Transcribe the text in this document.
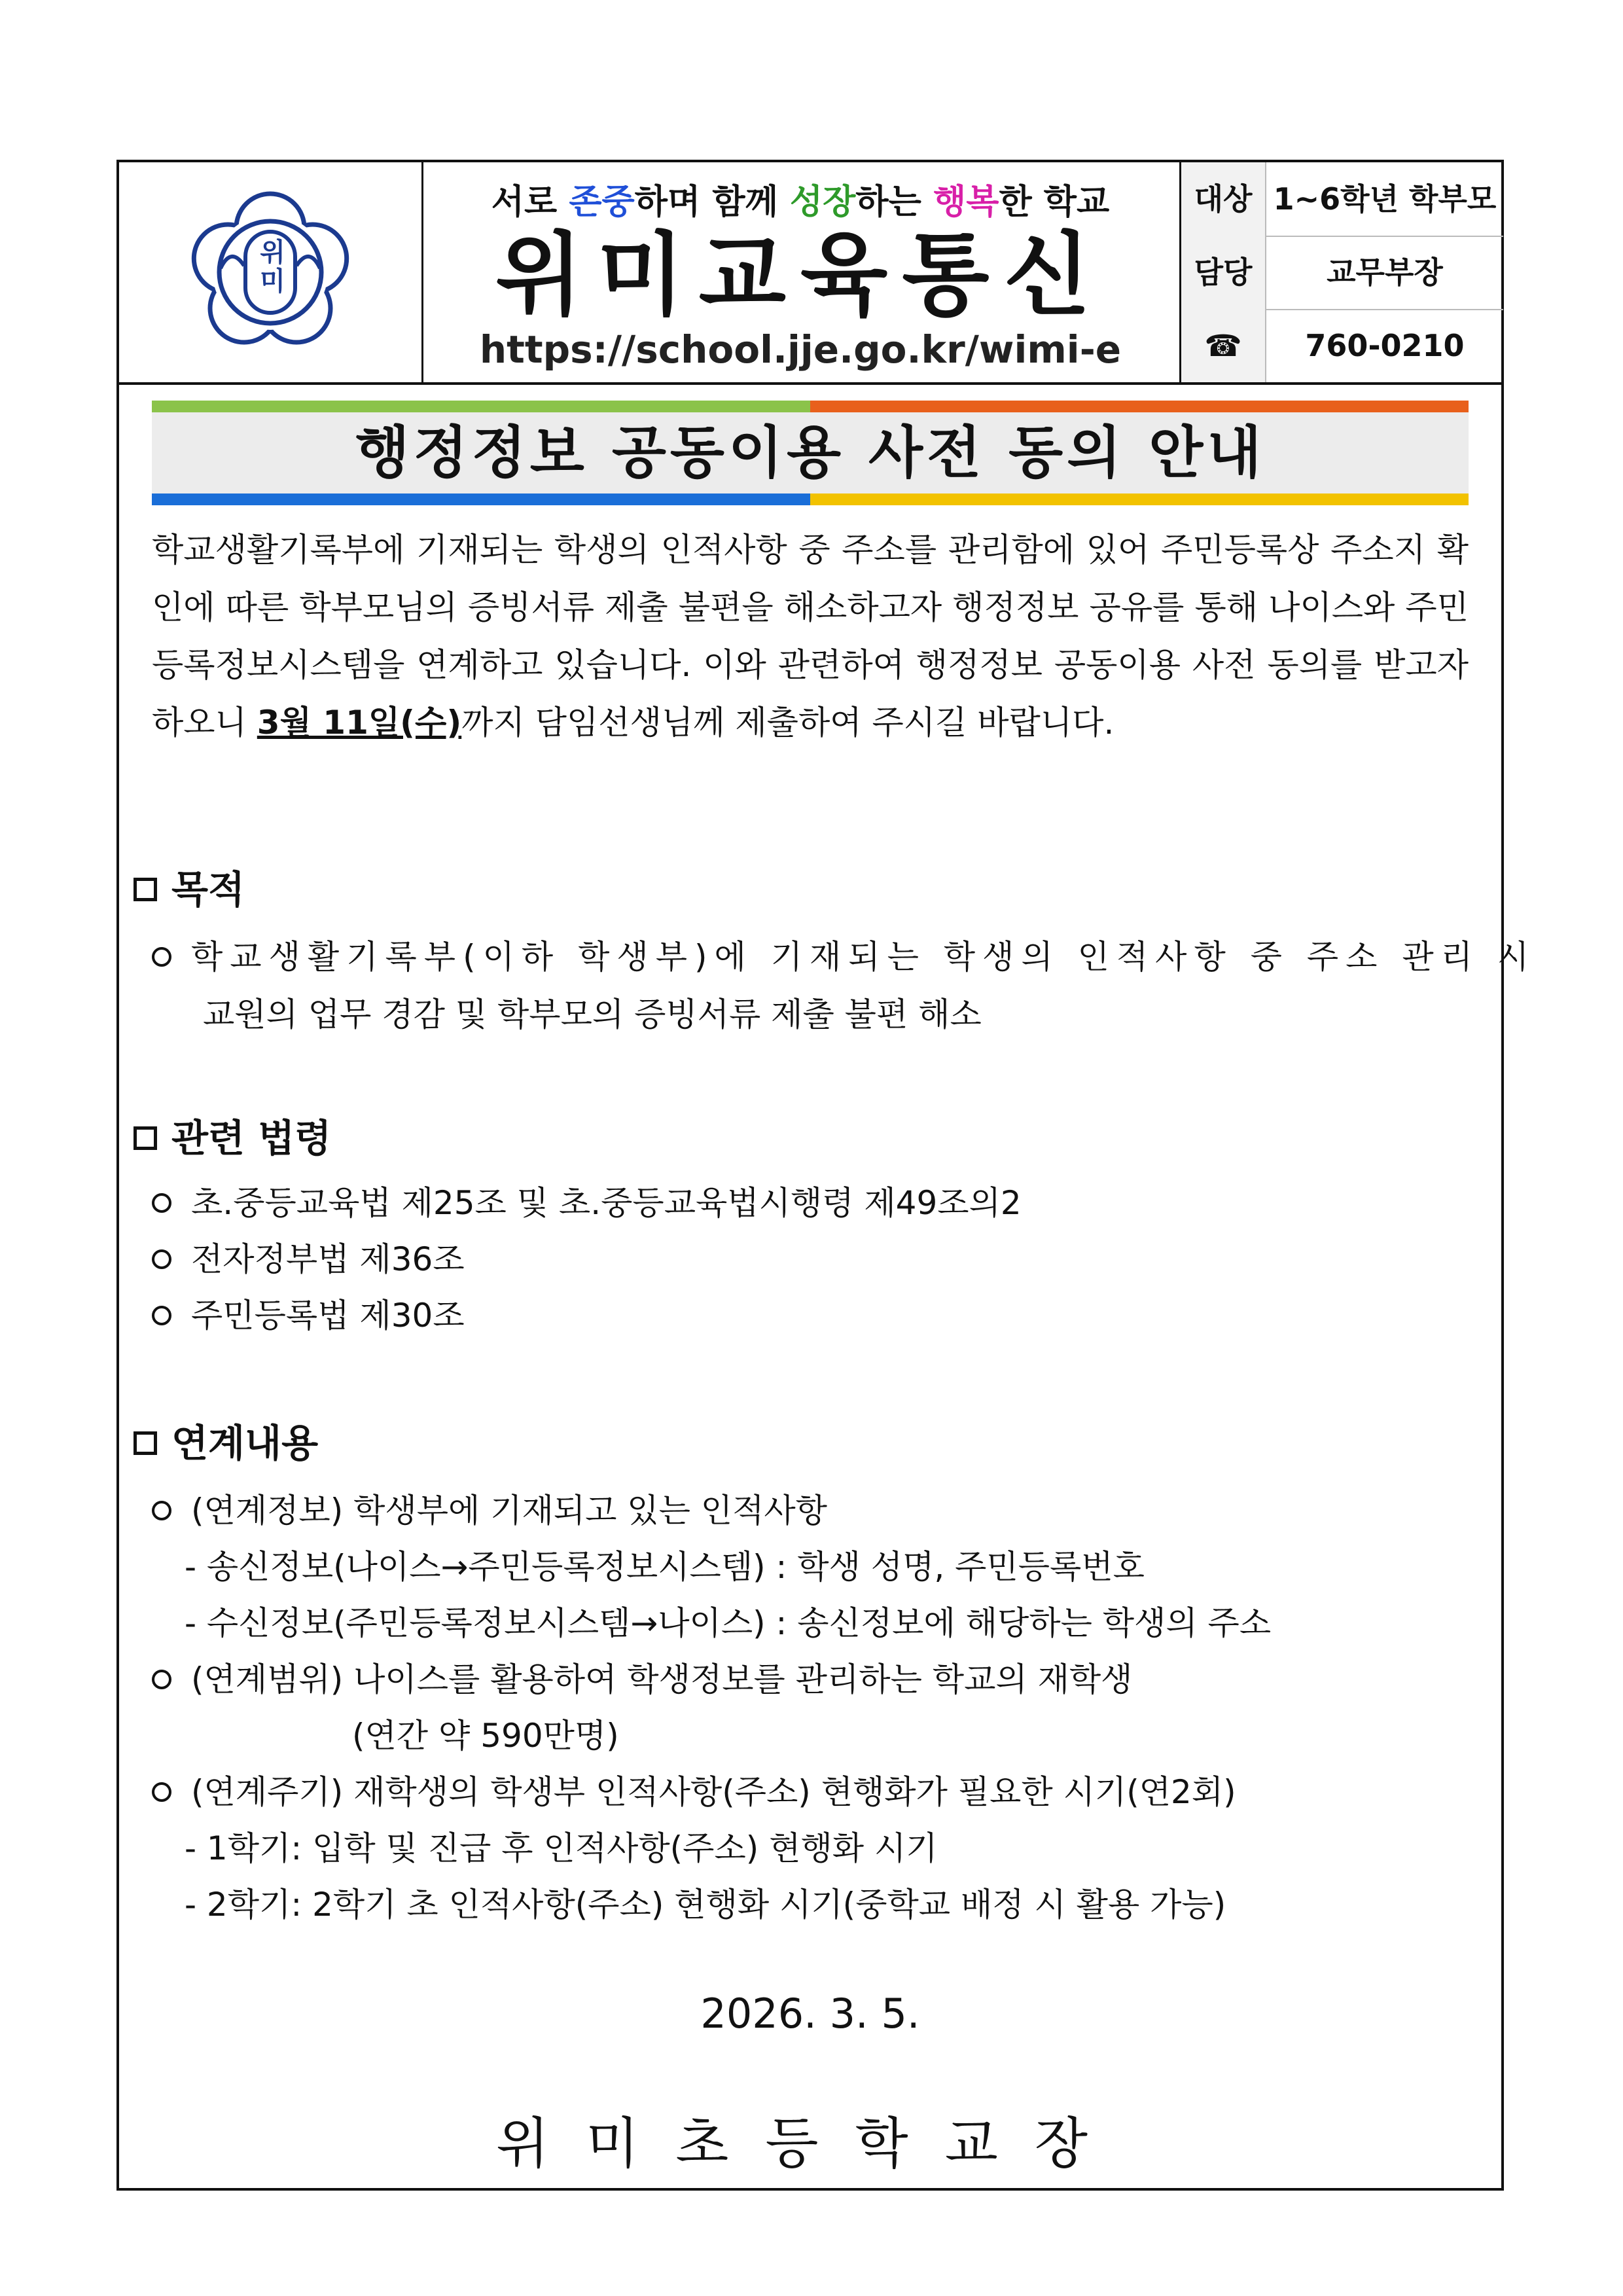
위미
서로 존중하며 함께 성장하는 행복한 학교
위미교육통신
https://school.jje.go.kr/wimi-e
대상 1~6학년 학부모
담당	교무부장
☎	760-0210
행정정보 공동이용 사전 동의 안내
학교생활기록부에 기재되는 학생의 인적사항 중 주소를 관리함에 있어 주민등록상 주소지 확인에 따른 학부모님의 증빙서류 제출 불편을 해소하고자 행정정보 공유를 통해 나이스와 주민등록정보시스템을 연계하고 있습니다. 이와 관련하여 행정정보 공동이용 사전 동의를 받고자 하오니 3월 11일(수)까지 담임선생님께 제출하여 주시길 바랍니다.
목적
학교생활기록부(이하 학생부)에 기재되는 학생의 인적사항 중 주소 관리 시
교원의 업무 경감 및 학부모의 증빙서류 제출 불편 해소
관련 법령
초.중등교육법 제25조 및 초.중등교육법시행령 제49조의2
전자정부법 제36조
주민등록법 제30조
연계내용
(연계정보) 학생부에 기재되고 있는 인적사항
- 송신정보(나이스→주민등록정보시스템) : 학생 성명, 주민등록번호
- 수신정보(주민등록정보시스템→나이스) : 송신정보에 해당하는 학생의 주소
(연계범위) 나이스를 활용하여 학생정보를 관리하는 학교의 재학생
(연간 약 590만명)
(연계주기) 재학생의 학생부 인적사항(주소) 현행화가 필요한 시기(연2회)
- 1학기: 입학 및 진급 후 인적사항(주소) 현행화 시기
- 2학기: 2학기 초 인적사항(주소) 현행화 시기(중학교 배정 시 활용 가능)
2026. 3. 5.
위미초등학교장
